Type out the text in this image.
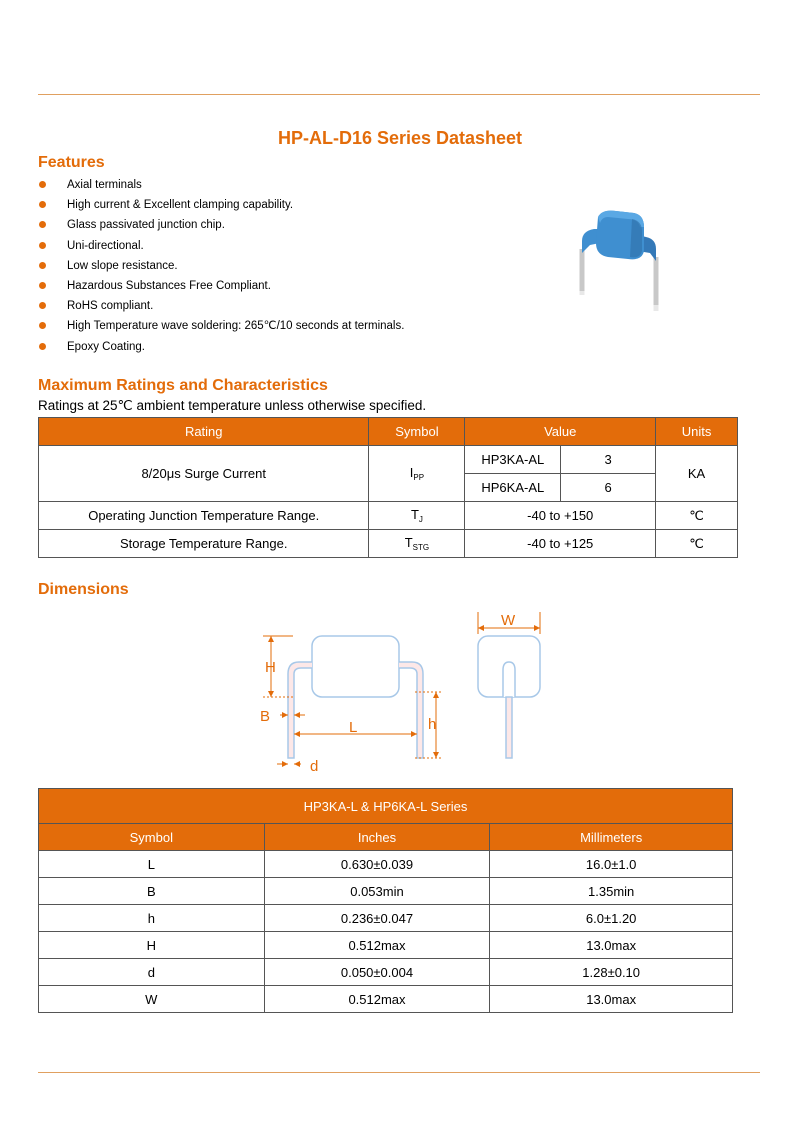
HP-AL-D16 Series Datasheet
Features
Axial terminals
High current & Excellent clamping capability.
Glass passivated junction chip.
Uni-directional.
Low slope resistance.
Hazardous Substances Free Compliant.
RoHS compliant.
High Temperature wave soldering: 265℃/10 seconds at terminals.
Epoxy Coating.
Maximum Ratings and Characteristics
Ratings at 25℃ ambient temperature unless otherwise specified.
Rating	Symbol	Value		Units
8/20μs Surge Current	$I_{PP}$	HP3KA-AL	3	KA
		HP6KA-AL	6	
Operating Junction Temperature Range.	$T_J$	-40 to +150		℃
Storage Temperature Range.	$T_{STG}$	-40 to +125		℃
Dimensions
H
B
L	h
d
W
HP3KA-L & HP6KA-L Series		
Symbol	Inches	Millimeters
L	0.630±0.039	16.0±1.0
B	0.053min	1.35min
h	0.236±0.047	6.0±1.20
H	0.512max	13.0max
d	0.050±0.004	1.28±0.10
W	0.512max	13.0max
